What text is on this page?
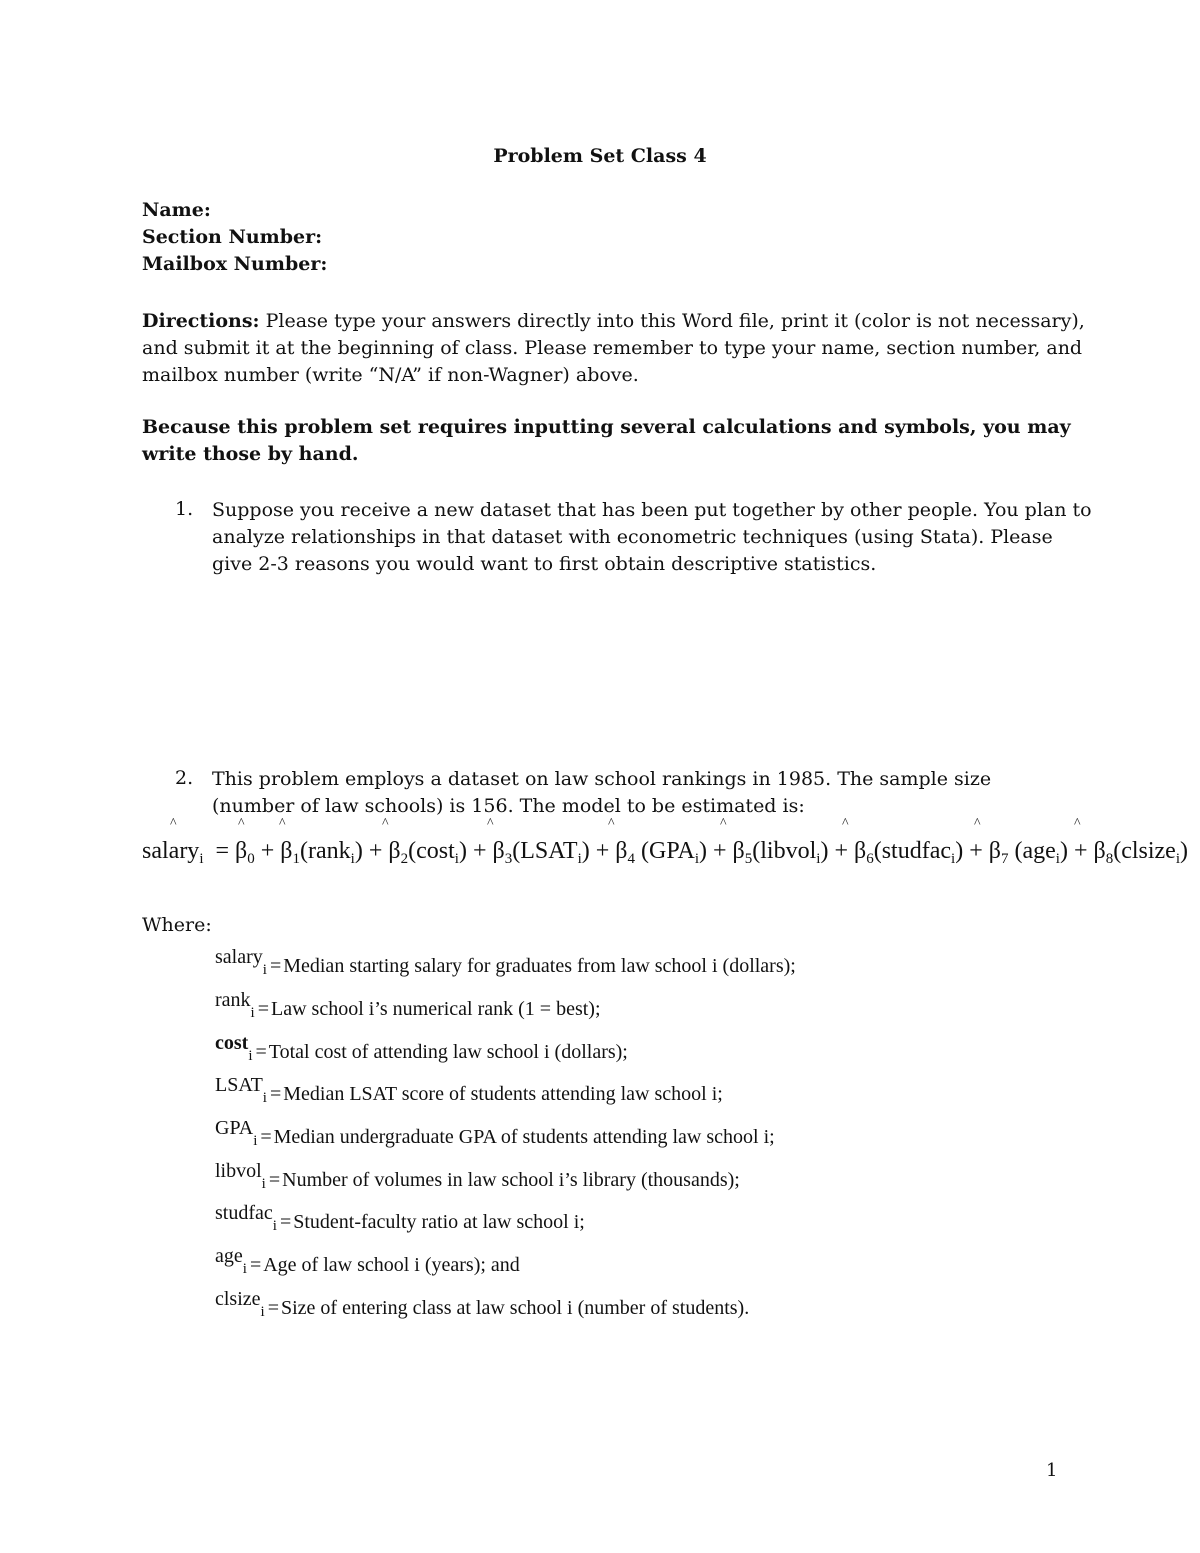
Problem Set Class 4
Name:
Section Number:
Mailbox Number:
Directions: Please type your answers directly into this Word file, print it (color is not necessary),
and submit it at the beginning of class. Please remember to type your name, section number, and
mailbox number (write “N/A” if non-Wagner) above.
Because this problem set requires inputting several calculations and symbols, you may
write those by hand.
1. Suppose you receive a new dataset that has been put together by other people. You plan to
analyze relationships in that dataset with econometric techniques (using Stata). Please
give 2-3 reasons you would want to first obtain descriptive statistics.
2. This problem employs a dataset on law school rankings in 1985. The sample size
(number of law schools) is 156. The model to be estimated is:
^
salary$_i$  =
^
$\beta_0$ +
^
$\beta_1(rank_i)$ +
^
$\beta_2(\cos t_i)$ +
^
$\beta_3(LSAT_i)$ +
^
$\beta_4$ $(GPA_i)$ +
^
$\beta_5(libvol_i)$ +
^
$\beta_6(studfac_i)$ +
^
$\beta_7$ (age$_i$) +
^
$\beta_8(clsize_i)$
Where:
salaryi = Median starting salary for graduates from law school i (dollars);
ranki = Law school i’s numerical rank (1 = best);
costi = Total cost of attending law school i (dollars);
LSATi = Median LSAT score of students attending law school i;
GPAi = Median undergraduate GPA of students attending law school i;
libvoli = Number of volumes in law school i’s library (thousands);
studfaci = Student-faculty ratio at law school i;
agei = Age of law school i (years); and
clsizei = Size of entering class at law school i (number of students).
1
